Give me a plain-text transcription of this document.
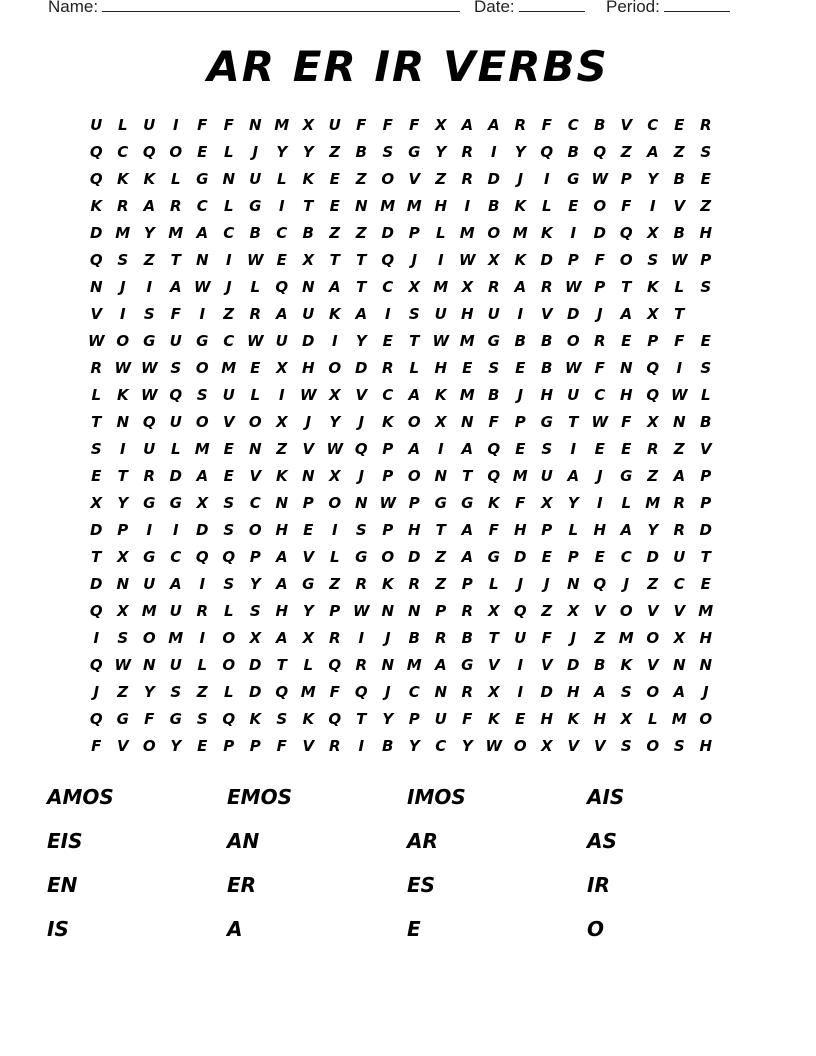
Name:	Date:	Period:
AR ER IR VERBS
U	L	U	I	F	F	N M X U	F	F	F	X A A R	F	C	B V	C	E	R
Q C Q O	E	L	J	Y	Y	Z	B	S G Y	R	I	Y Q B Q Z	A	Z	S
Q K K	L	G N U	L	K	E	Z O V	Z	R D	J	I	G W P	Y	B	E
K R A R	C	L	G	I	T	E	N M M H	I	B K	L	E O	F	I	V	Z
D M Y M A	C	B	C	B	Z	Z D P	L M O M K	I	D Q X	B H
Q S	Z	T	N	I	W E	X	T	T	Q	J	I	W X K D P	F O S W P
N	J	I	A W	J	L	Q N A	T	C	X M X R A R W P	T	K	L	S
V	I	S	F	I	Z	R A U K A	I	S	U H U	I	V D	J	A X	T
W O G U G C W U D	I	Y	E	T W M G B	B O R	E	P	F	E
R W W S O M E	X H O D R	L	H	E	S	E	B W F	N Q	I	S
L	K W Q S	U	L	I	W X V	C	A K M B	J	H U C H Q W L
T	N Q U O V O X	J	Y	J	K O X N	F	P G	T W F	X N B
S	I	U	L M E	N Z	V W Q P	A	I	A Q	E	S	I	E	E	R	Z	V
E	T	R D A	E	V K N X	J	P O N	T	Q M U A	J	G Z	A	P
X	Y G G X	S	C N P O N W P G G K	F	X	Y	I	L M R	P
D P	I	I	D S O H	E	I	S	P H	T	A	F	H P	L	H A	Y	R D
T	X G C Q Q P	A V	L	G O D Z	A G D	E	P	E	C D U	T
D N U A	I	S	Y	A G Z	R K R	Z	P	L	J	J	N Q	J	Z	C	E
Q X M U R	L	S H Y	P W N N P	R X Q Z	X V O V V M
I	S O M	I	O X A X R	I	J	B	R	B	T	U	F	J	Z M O X H
Q W N U	L	O D	T	L	Q R N M A G V	I	V D B K V N N
J	Z	Y	S	Z	L	D Q M F Q	J	C N R X	I	D H A	S O A	J
Q G	F	G S Q K	S	K Q	T	Y	P U	F	K	E	H K H X	L M O
F	V O Y	E	P	P	F	V R	I	B	Y	C	Y W O X V V	S O S H
AMOS	EMOS	IMOS	AIS
EIS	AN	AR	AS
EN	ER	ES	IR
IS	A	E	O
